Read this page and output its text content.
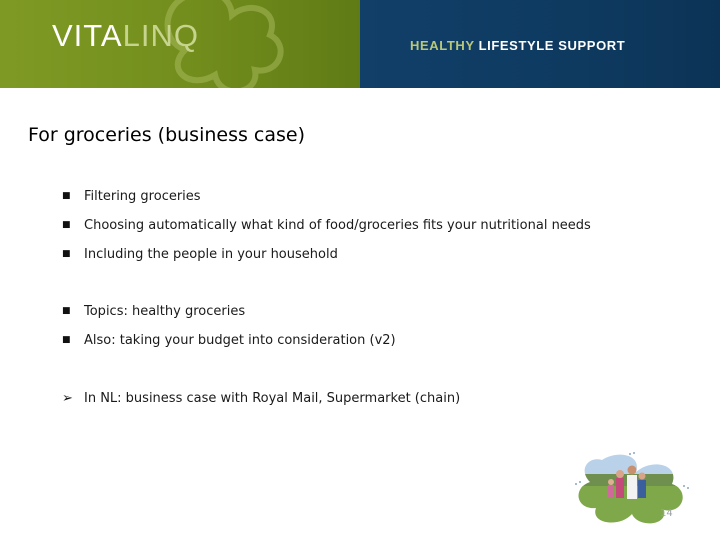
VITALINQ	HEALTHY LIFESTYLE SUPPORT

For groceries (business case)
■	Filtering groceries
■	Choosing automatically what kind of food/groceries fits your nutritional needs
■	Including the people in your household
■	Topics: healthy groceries
■	Also: taking your budget into consideration (v2)
➢ In NL: business case with Royal Mail, Supermarket (chain)
14
